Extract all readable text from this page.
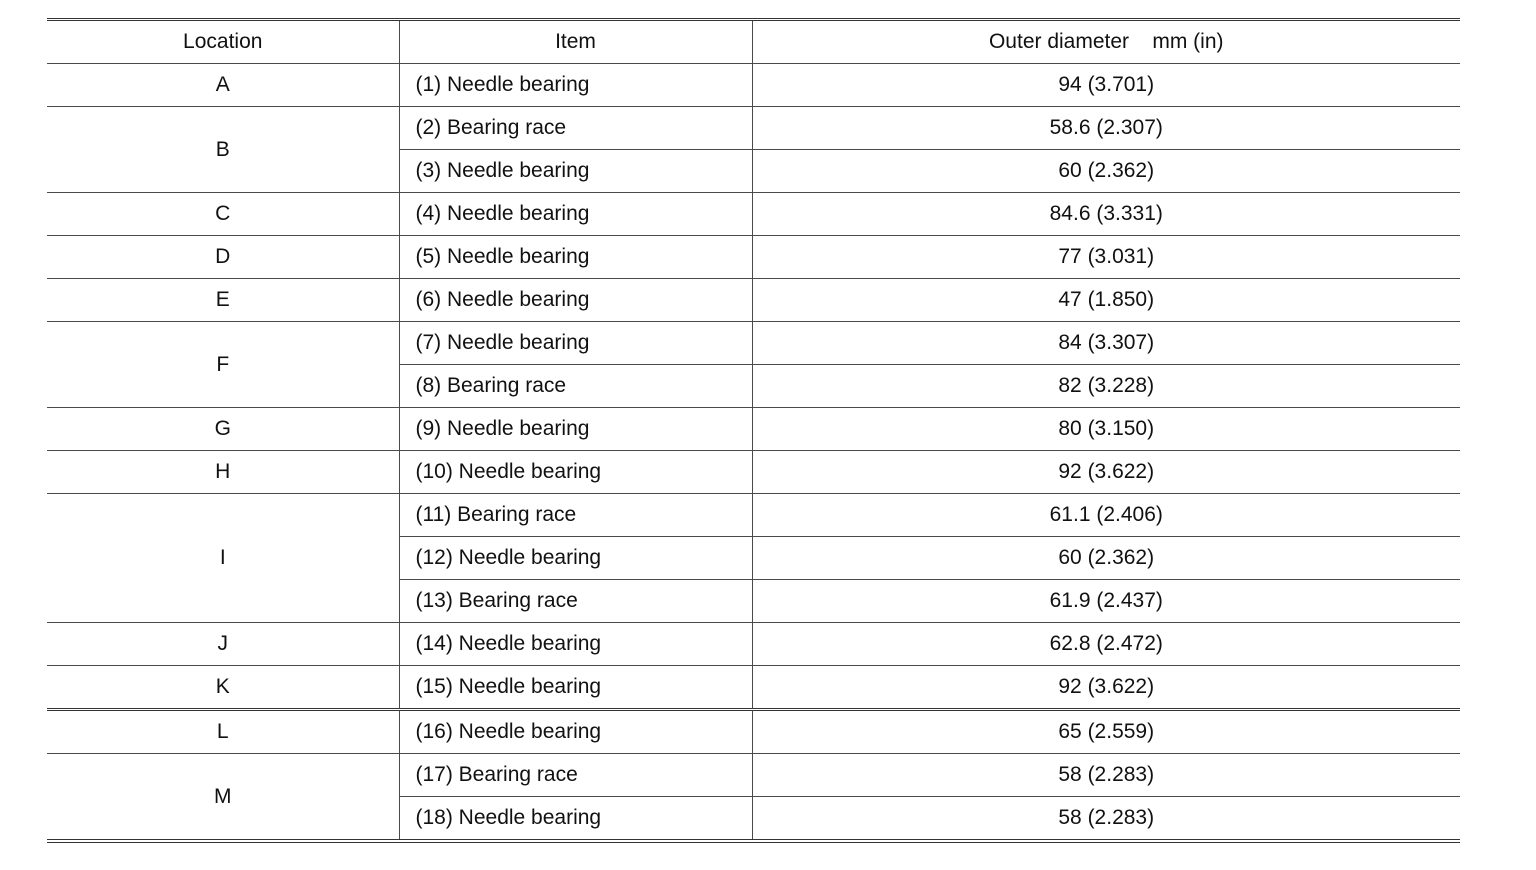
Location	Item	Outer diameter    mm (in)
A	(1) Needle bearing	94 (3.701)
B	(2) Bearing race	58.6 (2.307)
	(3) Needle bearing	60 (2.362)
C	(4) Needle bearing	84.6 (3.331)
D	(5) Needle bearing	77 (3.031)
E	(6) Needle bearing	47 (1.850)
F	(7) Needle bearing	84 (3.307)
	(8) Bearing race	82 (3.228)
G	(9) Needle bearing	80 (3.150)
H	(10) Needle bearing	92 (3.622)
I	(11) Bearing race	61.1 (2.406)
	(12) Needle bearing	60 (2.362)
	(13) Bearing race	61.9 (2.437)
J	(14) Needle bearing	62.8 (2.472)
K	(15) Needle bearing	92 (3.622)
L	(16) Needle bearing	65 (2.559)
M	(17) Bearing race	58 (2.283)
	(18) Needle bearing	58 (2.283)
